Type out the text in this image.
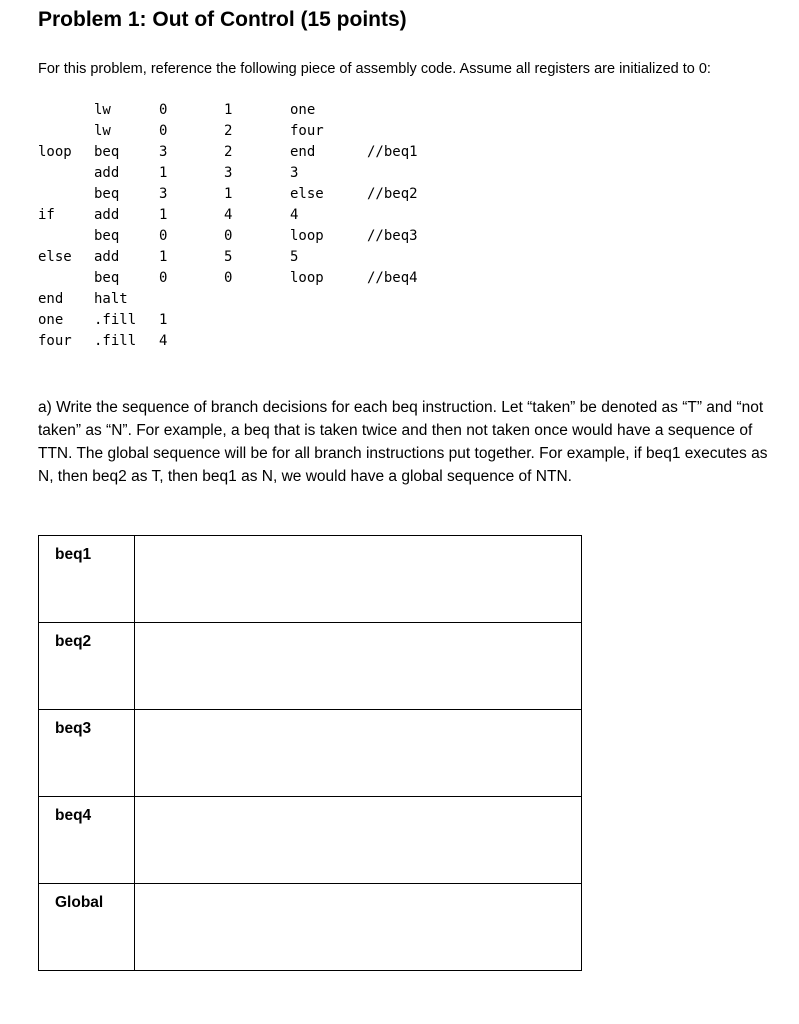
Problem 1: Out of Control (15 points)
For this problem, reference the following piece of assembly code. Assume all registers are initialized to 0:
lw	0	1	one
lw	0	2	four
loop beq	3	2	end	//beq1
add	1	3	3
beq	3	1	else	//beq2
if	add	1	4	4
beq	0	0	loop	//beq3
else add	1	5	5
beq	0	0	loop	//beq4
end halt
one .fill 1
four .fill 4

a) Write the sequence of branch decisions for each beq instruction. Let “taken” be denoted as “T” and “not taken” as “N”. For example, a beq that is taken twice and then not taken once would have a sequence of TTN. The global sequence will be for all branch instructions put together. For example, if beq1 executes as N, then beq2 as T, then beq1 as N, we would have a global sequence of NTN.

beq1	
beq2	
beq3	
beq4	
Global	
